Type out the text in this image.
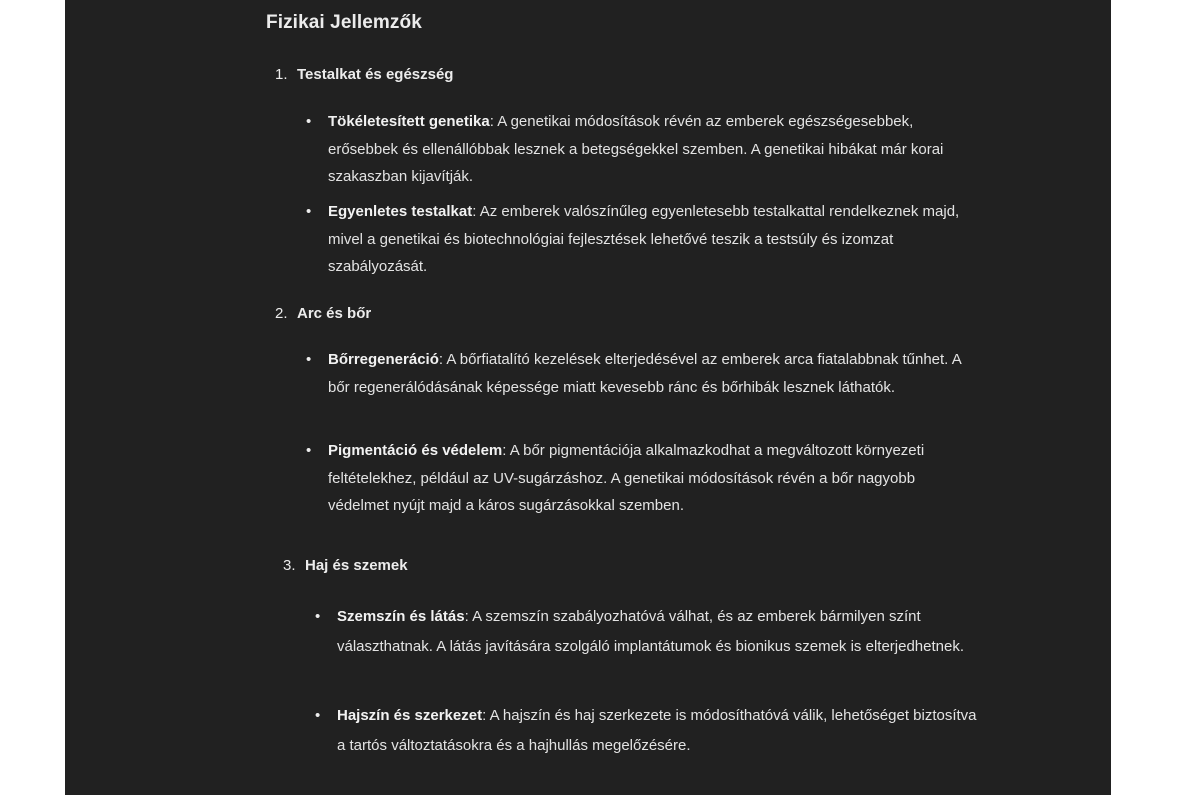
Fizikai Jellemzők
1. Testalkat és egészség
• Tökéletesített genetika: A genetikai módosítások révén az emberek egészségesebbek, erősebbek és ellenállóbbak lesznek a betegségekkel szemben. A genetikai hibákat már korai szakaszban kijavítják.
• Egyenletes testalkat: Az emberek valószínűleg egyenletesebb testalkattal rendelkeznek majd, mivel a genetikai és biotechnológiai fejlesztések lehetővé teszik a testsúly és izomzat szabályozását.
2. Arc és bőr
• Bőrregeneráció: A bőrfiatalító kezelések elterjedésével az emberek arca fiatalabbnak tűnhet. A bőr regenerálódásának képessége miatt kevesebb ránc és bőrhibák lesznek láthatók.
• Pigmentáció és védelem: A bőr pigmentációja alkalmazkodhat a megváltozott környezeti feltételekhez, például az UV-sugárzáshoz. A genetikai módosítások révén a bőr nagyobb védelmet nyújt majd a káros sugárzásokkal szemben.
3. Haj és szemek
• Szemszín és látás: A szemszín szabályozhatóvá válhat, és az emberek bármilyen színt választhatnak. A látás javítására szolgáló implantátumok és bionikus szemek is elterjedhetnek.
• Hajszín és szerkezet: A hajszín és haj szerkezete is módosíthatóvá válik, lehetőséget biztosítva a tartós változtatásokra és a hajhullás megelőzésére.
